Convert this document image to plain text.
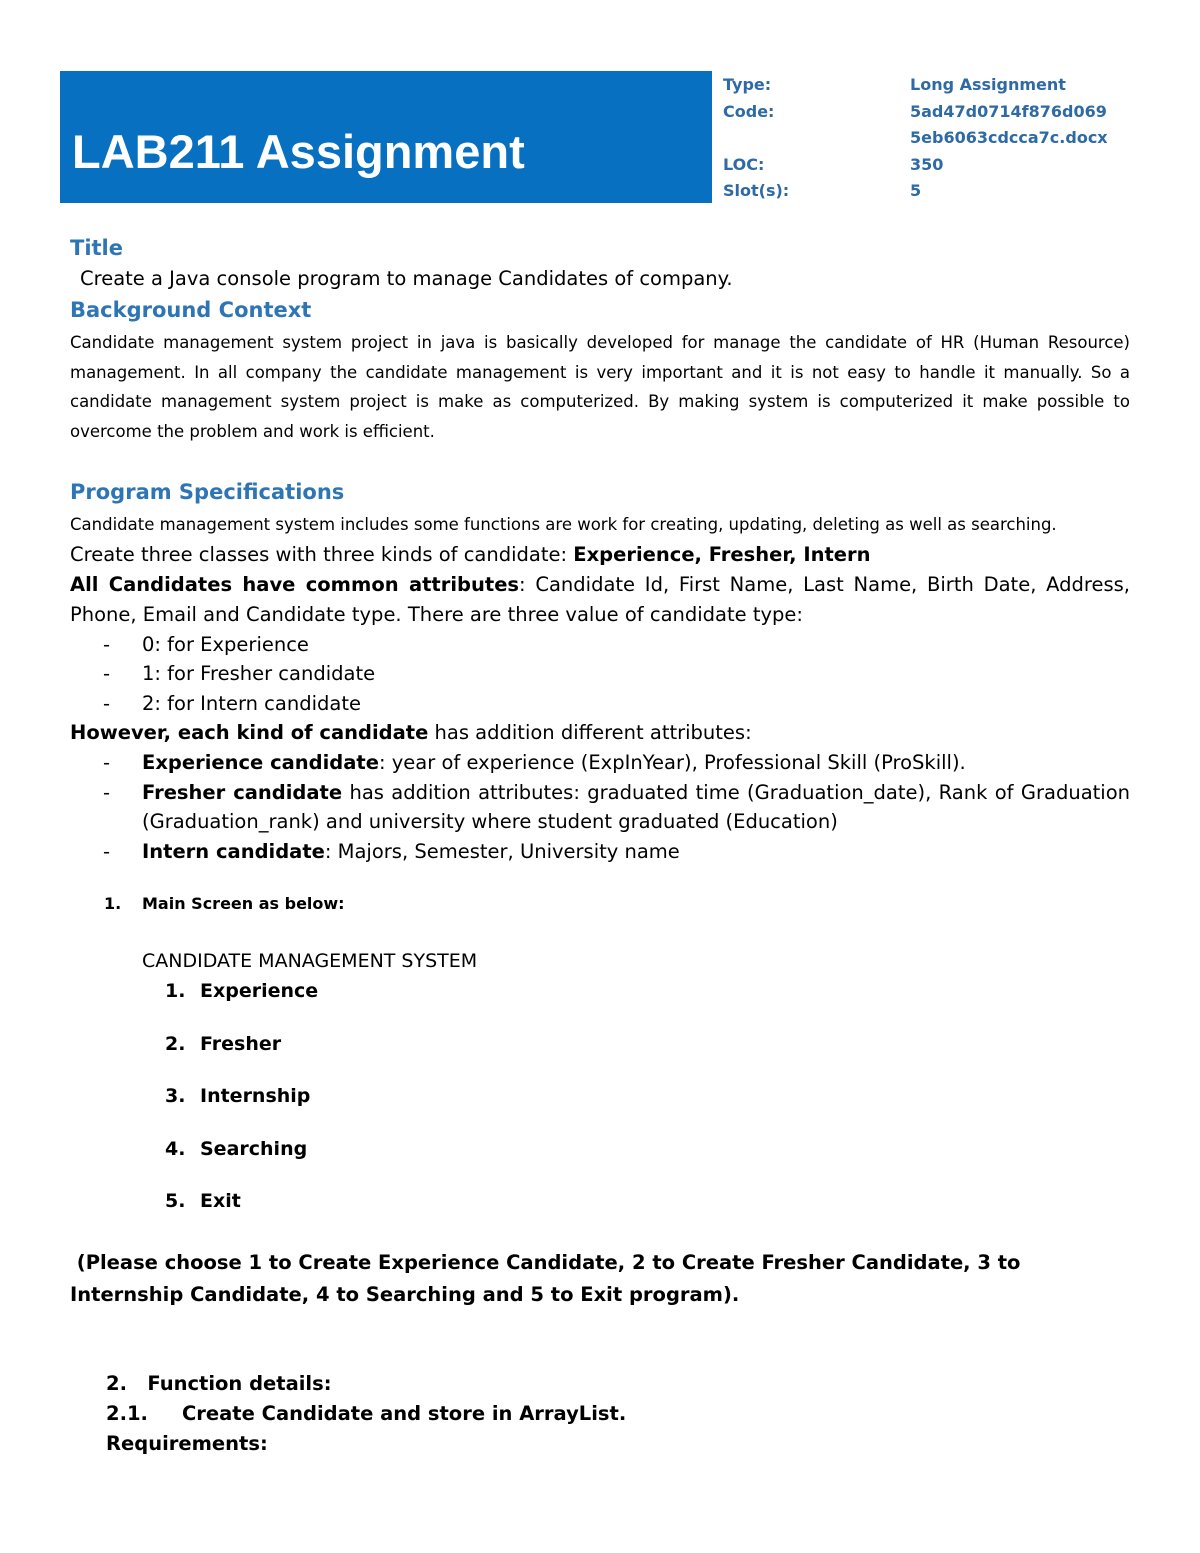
LAB211 Assignment
Type:	Long Assignment
Code:	5ad47d0714f876d069
5eb6063cdcca7c.docx
LOC:	350
Slot(s):	5
Title
Create a Java console program to manage Candidates of company.
Background Context
Candidate management system project in java is basically developed for manage the candidate of HR (Human Resource) management. In all company the candidate management is very important and it is not easy to handle it manually. So a candidate management system project is make as computerized. By making system is computerized it make possible to overcome the problem and work is efficient.
Program Specifications
Candidate management system includes some functions are work for creating, updating, deleting as well as searching.
Create three classes with three kinds of candidate: Experience, Fresher, Intern
All Candidates have common attributes: Candidate Id, First Name, Last Name, Birth Date, Address, Phone, Email and Candidate type. There are three value of candidate type:
-	0: for Experience
-	1: for Fresher candidate
-	2: for Intern candidate
However, each kind of candidate has addition different attributes:
-	Experience candidate: year of experience (ExpInYear), Professional Skill (ProSkill).
-	Fresher candidate has addition attributes: graduated time (Graduation_date), Rank of Graduation (Graduation_rank) and university where student graduated (Education)
-	Intern candidate: Majors, Semester, University name
1.	Main Screen as below:
CANDIDATE MANAGEMENT SYSTEM
1. Experience
2. Fresher
3. Internship
4. Searching
5. Exit
(Please choose 1 to Create Experience Candidate, 2 to Create Fresher Candidate, 3 to Internship Candidate, 4 to Searching and 5 to Exit program).
2.   Function details:
2.1.	Create Candidate and store in ArrayList.
Requirements:
